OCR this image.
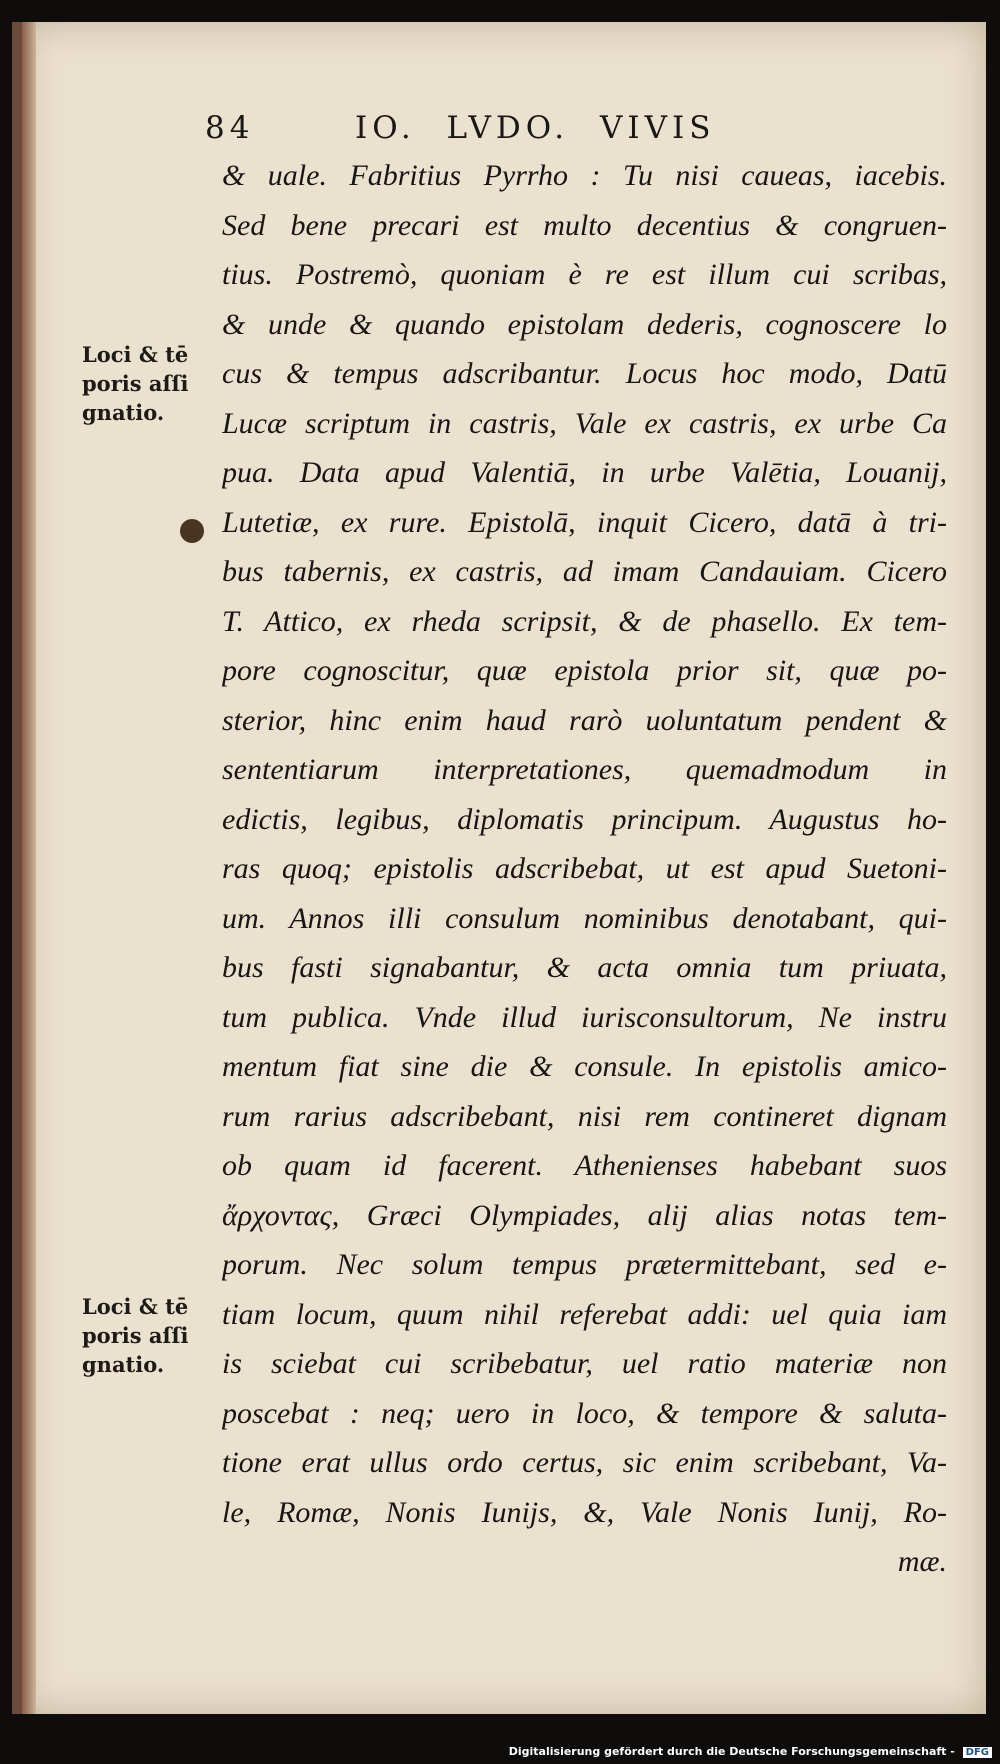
84	IO. LVDO. VIVIS
& uale. Fabritius Pyrrho : Tu nisi caueas, iacebis.
Sed bene precari est multo decentius & congruen-
tius. Postremò, quoniam è re est illum cui scribas,
& unde & quando epistolam dederis, cognoscere lo
cus & tempus adscribantur. Locus hoc modo, Datū
Lucæ scriptum in castris, Vale ex castris, ex urbe Ca
pua. Data apud Valentiā, in urbe Valētia, Louanij,
Lutetiæ, ex rure. Epistolā, inquit Cicero, datā à tri-
bus tabernis, ex castris, ad imam Candauiam. Cicero
T. Attico, ex rheda scripsit, & de phasello. Ex tem-
pore cognoscitur, quæ epistola prior sit, quæ po-
sterior, hinc enim haud rarò uoluntatum pendent &
sententiarum interpretationes, quemadmodum in
edictis, legibus, diplomatis principum. Augustus ho-
ras quoq; epistolis adscribebat, ut est apud Suetoni-
um. Annos illi consulum nominibus denotabant, qui-
bus fasti signabantur, & acta omnia tum priuata,
tum publica. Vnde illud iurisconsultorum, Ne instru
mentum fiat sine die & consule. In epistolis amico-
rum rarius adscribebant, nisi rem contineret dignam
ob quam id facerent. Athenienses habebant suos
ἄρχοντας, Græci Olympiades, alij alias notas tem-
porum. Nec solum tempus prætermittebant, sed e-
tiam locum, quum nihil referebat addi: uel quia iam
is sciebat cui scribebatur, uel ratio materiæ non
poscebat : neq; uero in loco, & tempore & saluta-
tione erat ullus ordo certus, sic enim scribebant, Va-
le, Romæ, Nonis Iunijs, &, Vale Nonis Iunij, Ro-
mæ.
Loci & tē
poris aſſi
gnatio.
Loci & tē
poris aſſi
gnatio.
Digitalisierung gefördert durch die Deutsche Forschungsgemeinschaft - DFG
